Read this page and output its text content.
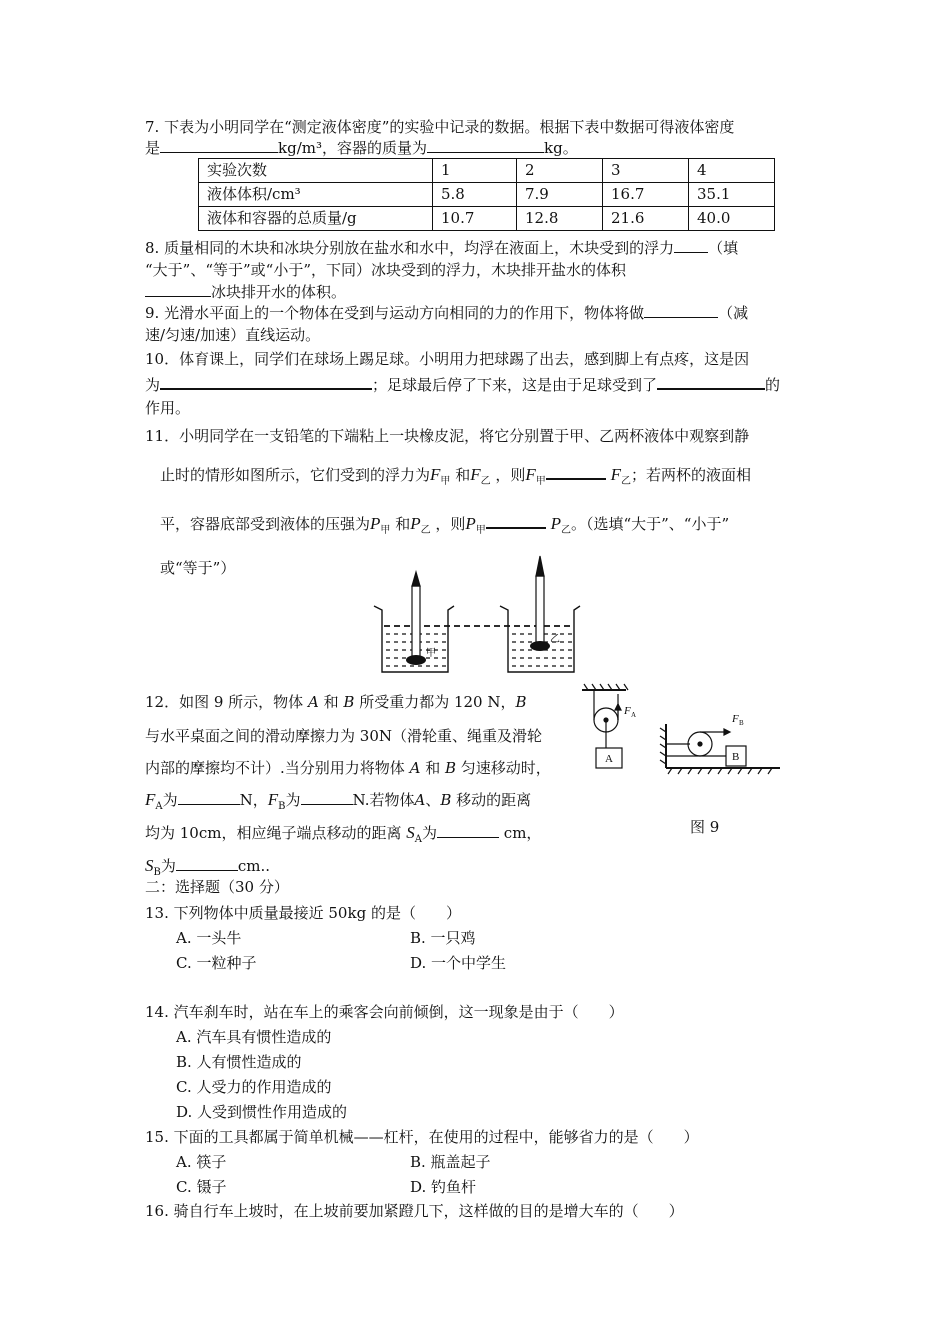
7. 下表为小明同学在“测定液体密度”的实验中记录的数据。根据下表中数据可得液体密度
是	kg/m³，容器的质量为	kg。
实验次数	1	2	3	4
液体体积/cm³	5.8	7.9	16.7	35.1
液体和容器的总质量/g	10.7	12.8	21.6	40.0
8. 质量相同的木块和冰块分别放在盐水和水中，均浮在液面上，木块受到的浮力 （填
“大于”、“等于”或“小于”，下同）冰块受到的浮力，木块排开盐水的体积
冰块排开水的体积。
9. 光滑水平面上的一个物体在受到与运动方向相同的力的作用下，物体将做	（减
速/匀速/加速）直线运动。
10．体育课上，同学们在球场上踢足球。小明用力把球踢了出去，感到脚上有点疼，这是因
为	；足球最后停了下来，这是由于足球受到了	的
作用。
11．小明同学在一支铅笔的下端粘上一块橡皮泥，将它分别置于甲、乙两杯液体中观察到静
止时的情形如图所示，它们受到的浮力为$F_甲$ 和$F_乙$ ，则$F_甲$	$F_乙$；若两杯的液面相
平，容器底部受到液体的压强为$P_甲$ 和$P_乙$ ，则$P_甲$	$P_乙$。（选填“大于”、“小于”
或“等于”）
甲
乙
12．如图 9 所示，物体 A 和 B 所受重力都为 120 N，B
与水平桌面之间的滑动摩擦力为 30N（滑轮重、绳重及滑轮
内部的摩擦均不计）.当分别用力将物体 A 和 B 匀速移动时，
$F_A$为	N，$F_B$为	N.若物体A、B 移动的距离
均为 10cm，相应绳子端点移动的距离 $S_A$为	cm，
$S_B$为	cm..
F A	F B
A	B
图 9
二：选择题（30 分）
13. 下列物体中质量最接近 50kg 的是（　　）
A. 一头牛	B. 一只鸡
C. 一粒种子	D. 一个中学生
14. 汽车刹车时，站在车上的乘客会向前倾倒，这一现象是由于（　　）
A. 汽车具有惯性造成的
B. 人有惯性造成的
C. 人受力的作用造成的
D. 人受到惯性作用造成的
15. 下面的工具都属于简单机械——杠杆，在使用的过程中，能够省力的是（　　）
A. 筷子	B. 瓶盖起子
C. 镊子	D. 钓鱼杆
16. 骑自行车上坡时，在上坡前要加紧蹬几下，这样做的目的是增大车的（　　）
